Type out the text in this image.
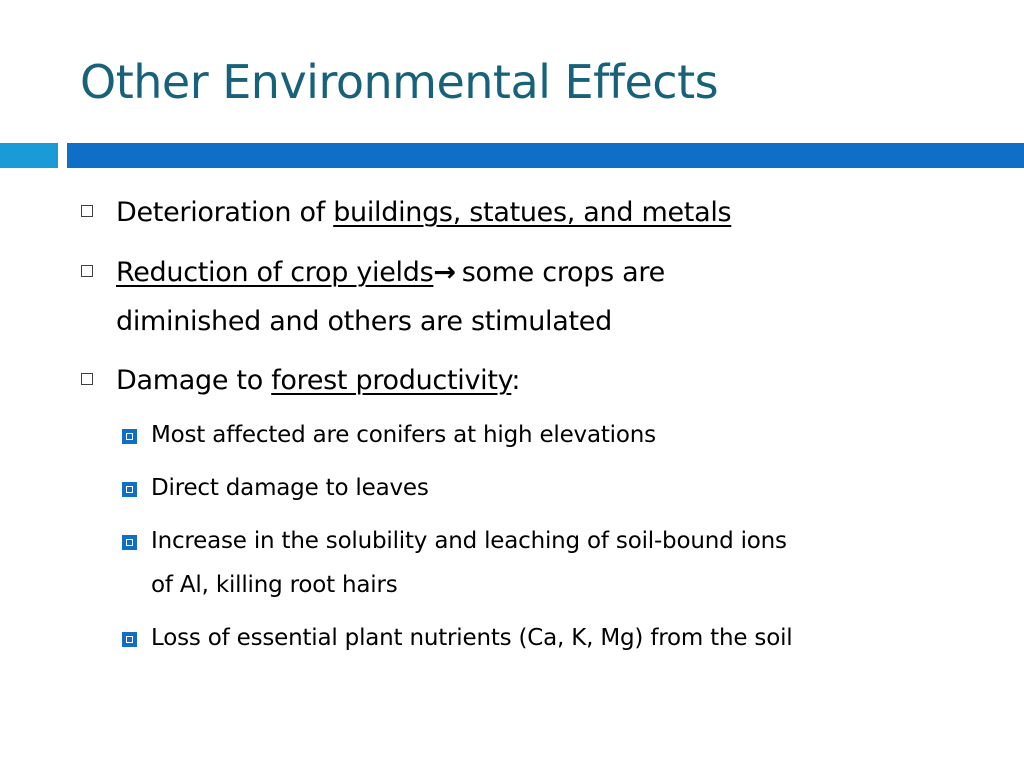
Other Environmental Effects
Deterioration of buildings, statues, and metals
Reduction of crop yields→ some crops are
diminished and others are stimulated
Damage to forest productivity:
Most affected are conifers at high elevations
Direct damage to leaves
Increase in the solubility and leaching of soil-bound ions
of Al, killing root hairs
Loss of essential plant nutrients (Ca, K, Mg) from the soil
